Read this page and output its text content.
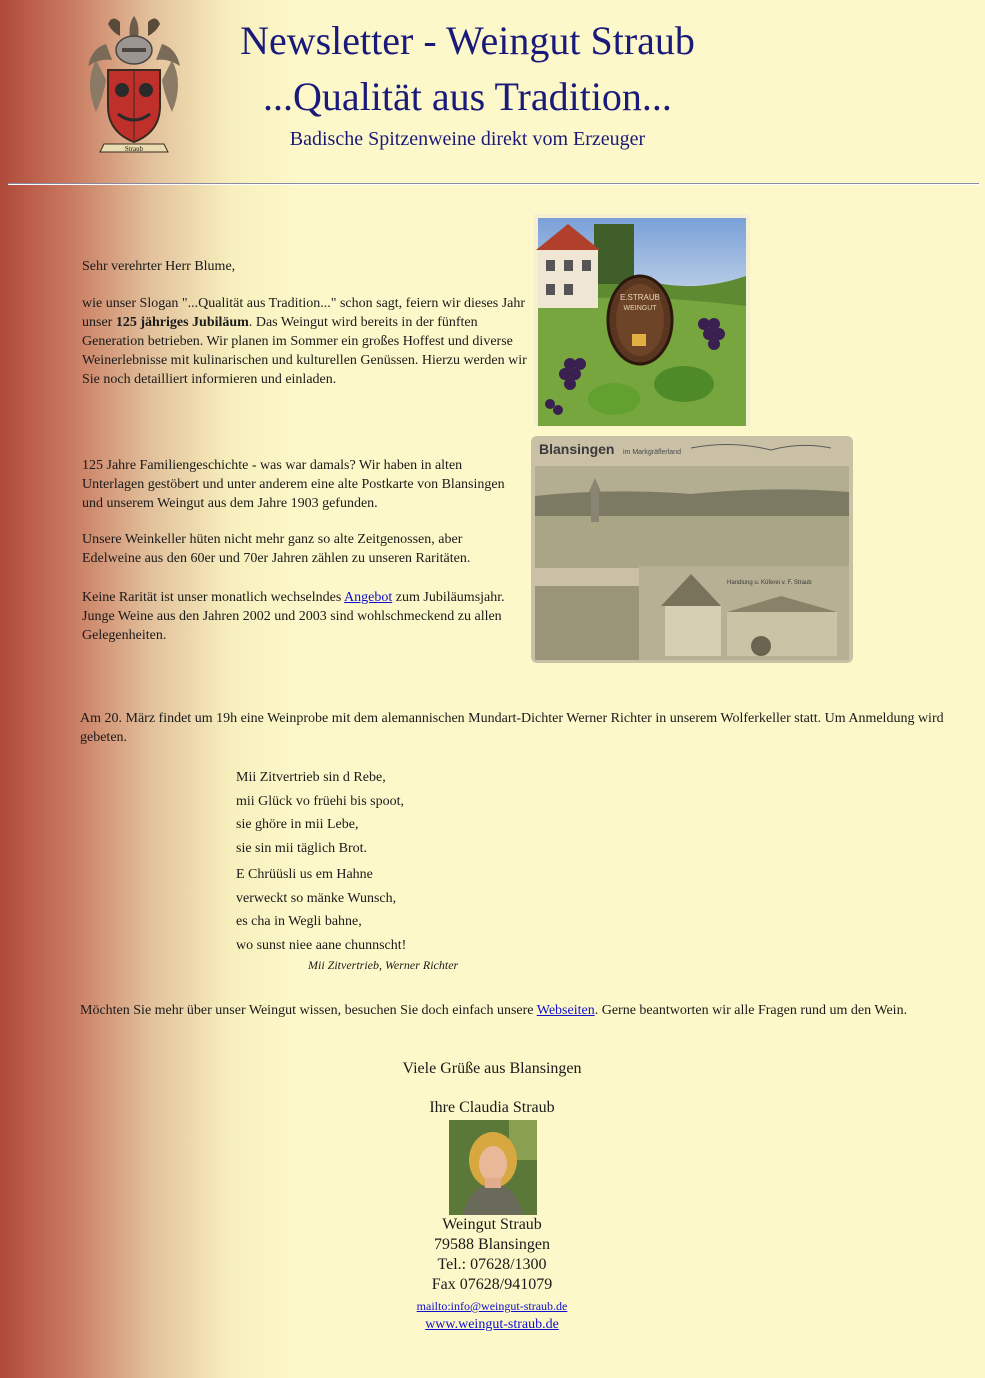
Straub
Newsletter - Weingut Straub
...Qualität aus Tradition...
Badische Spitzenweine direkt vom Erzeuger
Sehr verehrter Herr Blume,
wie unser Slogan "...Qualität aus Tradition..." schon sagt, feiern wir dieses Jahr unser 125 jähriges Jubiläum. Das Weingut wird bereits in der fünften Generation betrieben. Wir planen im Sommer ein großes Hoffest und diverse Weinerlebnisse mit kulinarischen und kulturellen Genüssen. Hierzu werden wir Sie noch detailliert informieren und einladen.
E.STRAUB
WEINGUT
125 Jahre Familiengeschichte - was war damals? Wir haben in alten Unterlagen gestöbert und unter anderem eine alte Postkarte von Blansingen und unserem Weingut aus dem Jahre 1903 gefunden.
Unsere Weinkeller hüten nicht mehr ganz so alte Zeitgenossen, aber Edelweine aus den 60er und 70er Jahren zählen zu unseren Raritäten.
Keine Rarität ist unser monatlich wechselndes Angebot zum Jubiläumsjahr. Junge Weine aus den Jahren 2002 und 2003 sind wohlschmeckend zu allen Gelegenheiten.
Blansingen im Markgräflerland
Handlung u. Küferei v. F. Straub
Am 20. März findet um 19h eine Weinprobe mit dem alemannischen Mundart-Dichter Werner Richter in unserem Wolferkeller statt. Um Anmeldung wird gebeten.
Mii Zitvertrieb sin d Rebe,
mii Glück vo früehi bis spoot,
sie ghöre in mii Lebe,
sie sin mii täglich Brot.
E Chrüüsli us em Hahne
verweckt so mänke Wunsch,
es cha in Wegli bahne,
wo sunst niee aane chunnscht!
Mii Zitvertrieb, Werner Richter
Möchten Sie mehr über unser Weingut wissen, besuchen Sie doch einfach unsere Webseiten. Gerne beantworten wir alle Fragen rund um den Wein.
Viele Grüße aus Blansingen
Ihre Claudia Straub
Weingut Straub
79588 Blansingen
Tel.: 07628/1300
Fax 07628/941079
mailto:info@weingut-straub.de
www.weingut-straub.de
